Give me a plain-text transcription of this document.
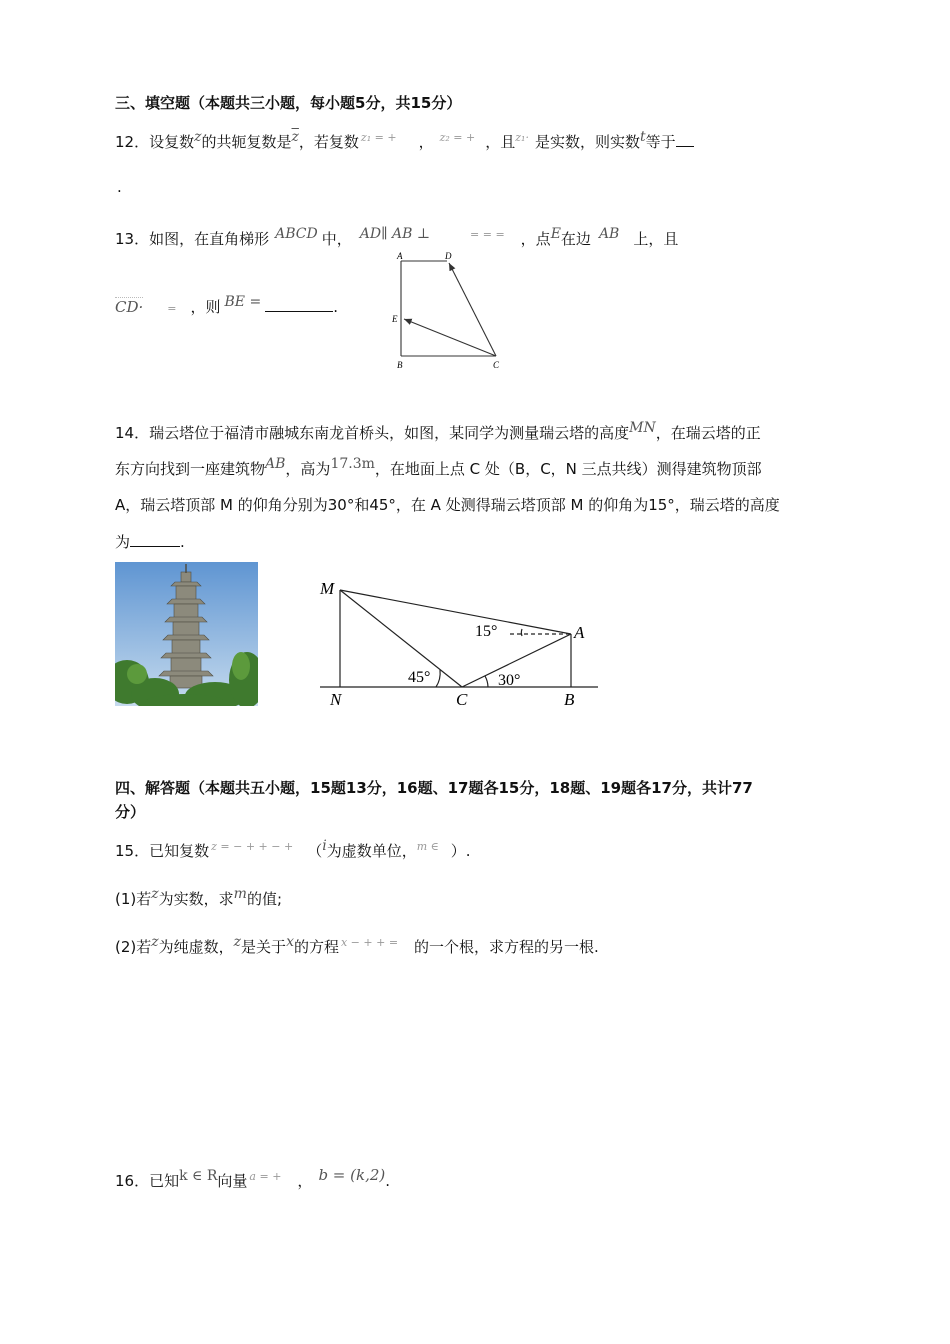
三、填空题（本题共三小题，每小题5分，共15分）
12．设复数$^z$的共轭复数是$^{\overline{z}}$，若复数 $^{z_1 = +}$ ， $^{z_2 = +}$ ，且$^{z_1\cdot}$ 是实数，则实数$^t$等于
.
13．如图，在直角梯形 $^{ABCD}$ 中， $^{AD\parallel AB \perp}$	= = = ，点$^E$在边 $^{AB}$ 上，且
CD· = ，则 $^{BE =}$	.
A	D
E
B	C
14．瑞云塔位于福清市融城东南龙首桥头，如图，某同学为测量瑞云塔的高度$^{MN}$，在瑞云塔的正
东方向找到一座建筑物$^{AB}$，高为$^{17.3m}$，在地面上点 C 处（B，C，N 三点共线）测得建筑物顶部
A，瑞云塔顶部 M 的仰角分别为30°和45°，在 A 处测得瑞云塔顶部 M 的仰角为15°，瑞云塔的高度
为	.
M
A
N	C	B
15°
45°	30°
四、解答题（本题共五小题，15题13分，16题、17题各15分，18题、19题各17分，共计77
分）
15．已知复数 $^{z = - + + - +}$ （$^i$为虚数单位，$^{m \in}$ ）.
(1)若$^z$为实数，求$^m$的值;
(2)若$^z$为纯虚数，$^z$是关于$^x$的方程 $^{x - + + =}$ 的一个根，求方程的另一根.
16．已知$^{k \in R}$向量 $^{a = +}$ ， b = (k,2).
